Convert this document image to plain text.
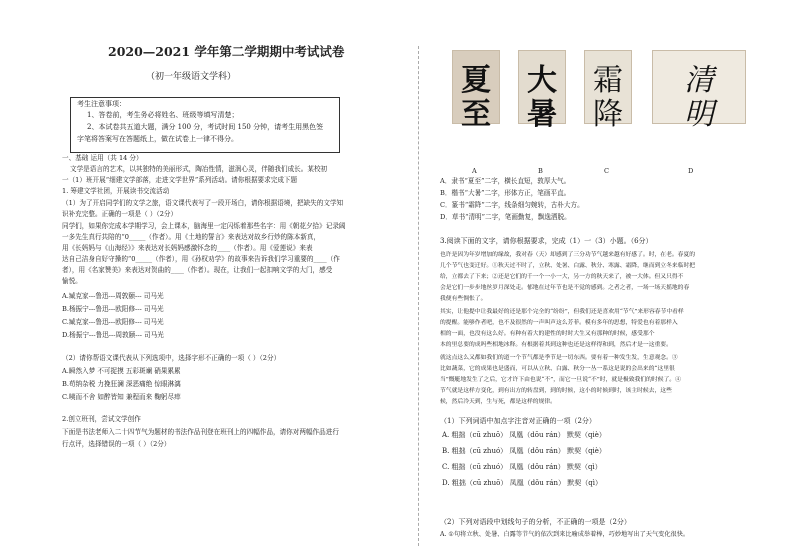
2020—2021 学年第二学期期中考试试卷
（初一年级语文学科）
考生注意事项：
1、答卷前，考生务必将姓名、班级等填写清楚；
2、本试卷共五道大题，满分 100 分，考试时间 150 分钟，请考生用黑色签
字笔将答案写在答题纸上，做在试卷上一律不得分。
一、基础 运用（共 14 分）
文学是语言的艺术，以其独特的美丽形式，陶冶性情，滋润心灵，伴随我们成长。某校初
一（1）班开展“细建文学部落，走进文学世界”系列活动。请你根据要求完成下题
1. 筹建文学社团，开展读书交流活动
（1）为了开启同学们的文学之旅，语文课代表写了一段开场白，请你根据语境，把缺失的文学知
识补充完整。正确的一项是（ ）（2分）
同学们，如果你完成本学期学习，会上课本，脑海里一定闪烁着那些名字：用《朝花夕拾》记录阔
一多先生真行共陪的“0_____（作者）。用《土地的誓言》来表达对故乡行炒的陈本新真，
用《长妈妈与《山海经》》来表达对长妈妈感激怀念的____（作者）。用《爱莲说》来表
达自己洁身自好守操的“0_____（作者），用《孙权劝学》的故事来告诉我们学习重要的____（作
者），用《名家赞美》来表达对贺曲的____（作者）。现在，让我们一起扣响文学的大门，感受
愉悦。
A.臧克家---鲁迅---周敦颐--- 司马光
B.杨振宁---鲁迅---欧阳修--- 司马光
C.臧克家---鲁迅---欧阳修--- 司马光
D.杨振宁---鲁迅---周敦颐--- 司马光
（2）请你帮语文课代表从下列选项中，选择字形不正确的一项（ ）（2分）
A.瞬然入梦 不可捉摸 五彩斑斓 硝果累累
B.苟纳杂税 力挽狂澜 深恶痛绝 惊眼淋漓
C.咦而不舍 如醉皆知 兼程而来 鞠躬尽瘁
2.创立班刊，尝试文学创作
下面是书法老师入二十四节气为题材的书法作品刊登在班刊上的四幅作品，请你对两幅作品进行
行点评，选择错误的一项（ ）（2分）
夏
至
大
暑
霜
降
清
明
A	B	C	D
A．隶书“夏至”二字，横长直短，敦厚大气。
B．楷书“大暑”二字，形体方正，笔画平直。
C．篆书“霜降”二字，线条细匀婉转，古朴大方。
D．草书“清明”二字，笔画勤复，飘逸洒脱。
3.阅读下面的文字，请你根据要求，完成（1）一（3）小题。（6分）
也许是因为年岁增加的缘故，我对春（天）却感到了三分功节气越来越有好感了。时，在老。春夏的
几个节气也变迁好。①秋天过不时了，立秋、处暑、白露、秋分、寒露、霜降，继而到立冬来临时把
给，立都去了下来；②还是它们的千一个一小一大，另一方的秋天来了，被一大体。但又只得不
会是它们一步步地丝岁月深处走。郁地在过年节也是不觉的感到。之者之者，一场一场天摇地的春
我便有些惆怅了。
其实，让他提中让我最好的还是那个完全的“纷纷”，但我们还是喜欢用“节气”来形容春节中看样
的提醒。能够作者吧，也不及很然的一声叫声这么芳菲。模有多年的思想，特爱也有着那样入
相的一面，也没有这么好。有种有着大的建性的时时大生又有那种的时候，感受那个
本的里总要的成吗些相地冰释。有根据着其到这种也还是这样得和到，然后才是一这重要。
就这点这么又都如我们的道一个节气都是季节是一切东西。要有着一种发生发，生意观念。③
比如蔬菜，它的成果也是盛而，可以从立秋、白露、秋分一丛一系这是说的会出来的“这里很
当”慨艇地发生了之后，它才许下由也说“不”，而它一旦说“不”时，就是极致我们的时候了。④
节气就是这样方变化，到有出方的转盘到，到的时候，这小的时候到时，该主时候去，这些
候，然后冷天到，生与死，都是这样的规律。
（1）下列词语中加点字注音对正确的一项（2分）
A. 粗拙（cū zhuō） 凤凰（dōu rán） 默契（qiè）
B. 粗拙（cū zhuó） 凤凰（dǒu rán） 默契（qiè）
C. 粗拙（cū zhuó） 凤凰（dǒu rán） 默契（qì）
D. 粗拙（cū zhuō） 凤凰（dǒu rán） 默契（qì）
（2）下列对语段中划线句子的分析，不正确的一项是（2分）
A. ①句将立秋、处暑、白露等节气的依次到来比喻成举着棒，巧妙地写出了天气变化很快。
